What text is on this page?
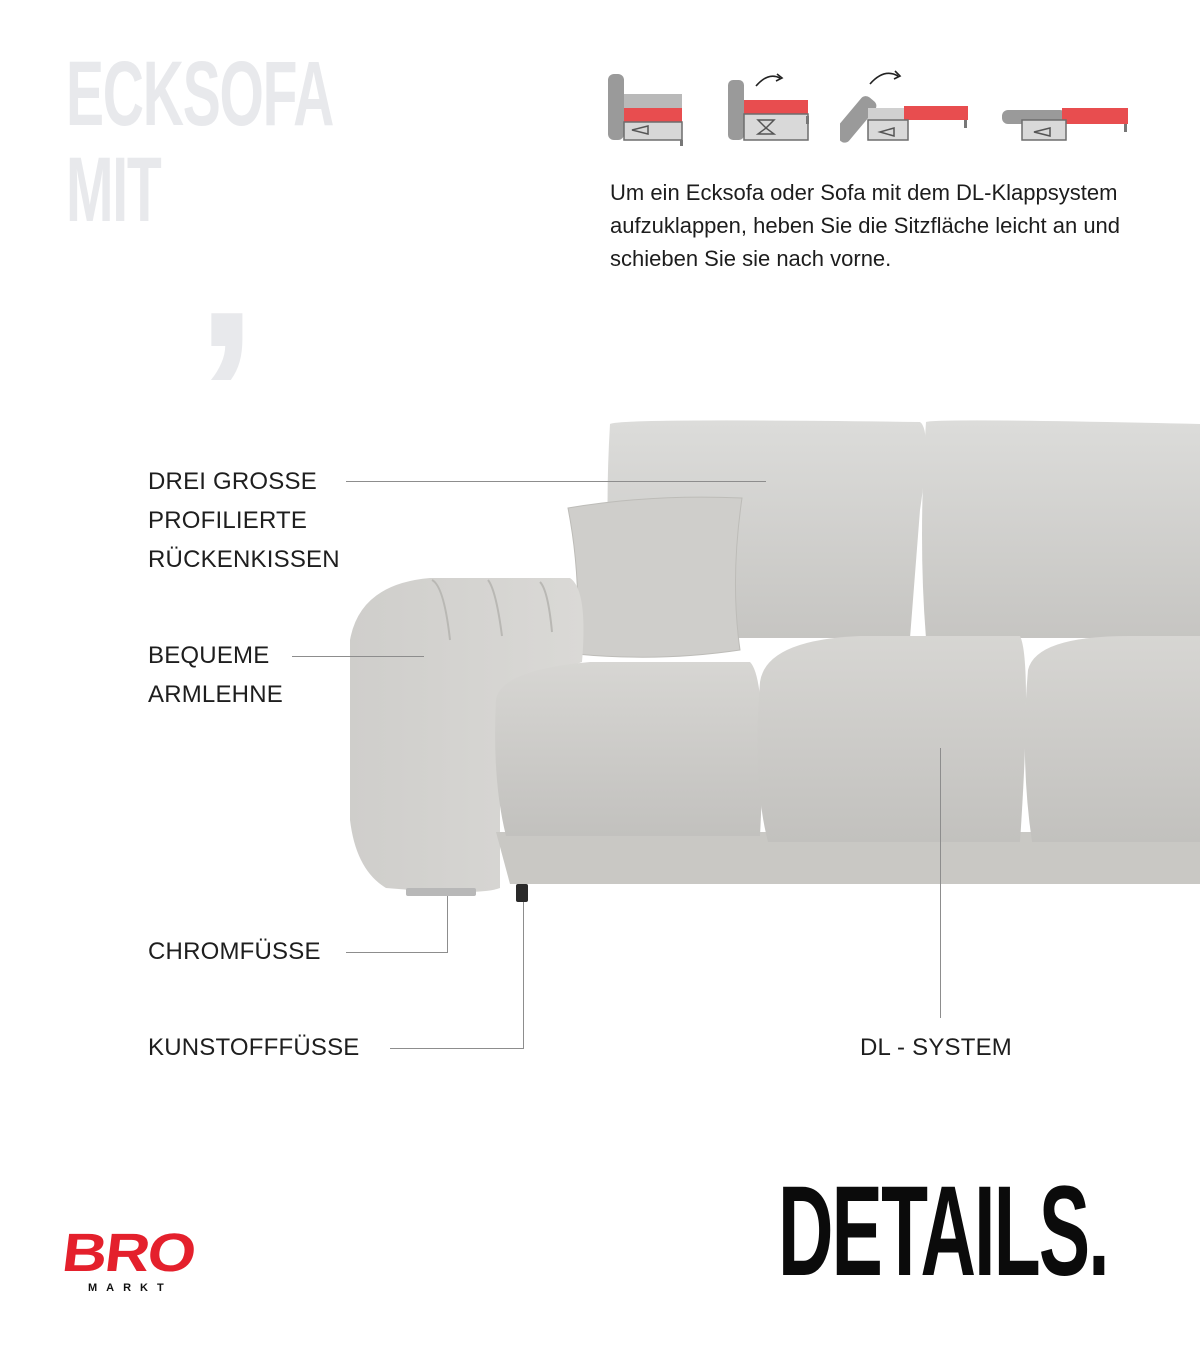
ECKSOFA
MIT ,	Um ein Ecksofa oder Sofa mit dem DL-Klappsystem aufzuklappen, heben Sie die Sitzfläche leicht an und schieben Sie sie nach vorne.
DREI GROSSE
PROFILIERTE
RÜCKENKISSEN
BEQUEME
ARMLEHNE
CHROMFÜSSE
KUNSTOFFFÜSSE	DL - SYSTEM
BRO
MARKT	DETAILS.
